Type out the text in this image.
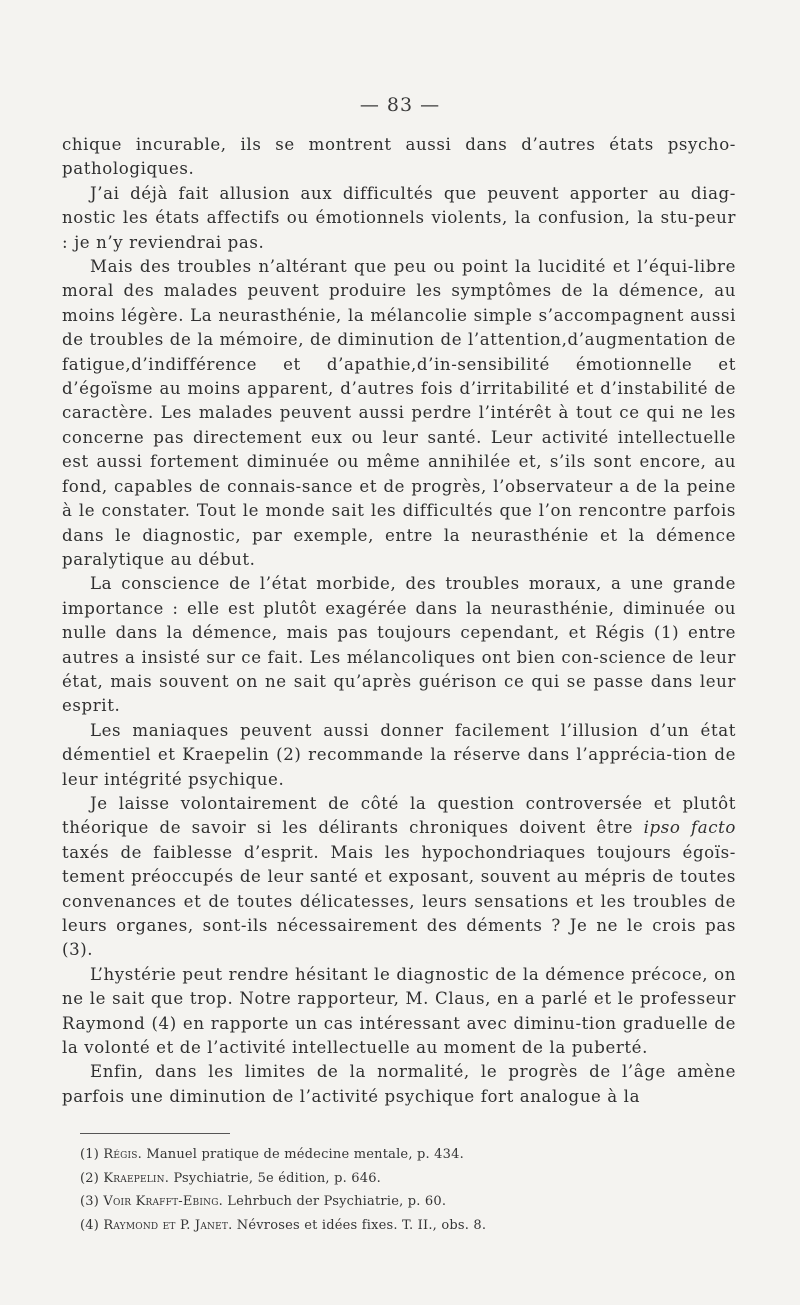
— 83 —

chique incurable, ils se montrent aussi dans d’autres états psycho-pathologiques.

J’ai déjà fait allusion aux difficultés que peuvent apporter au diag-nostic les états affectifs ou émotionnels violents, la confusion, la stu-peur : je n’y reviendrai pas.

Mais des troubles n’altérant que peu ou point la lucidité et l’équi-libre moral des malades peuvent produire les symptômes de la démence, au moins légère. La neurasthénie, la mélancolie simple s’accompagnent aussi de troubles de la mémoire, de diminution de l’attention,d’augmentation de fatigue,d’indifférence et d’apathie,d’in-sensibilité émotionnelle et d’égoïsme au moins apparent, d’autres fois d’irritabilité et d’instabilité de caractère. Les malades peuvent aussi perdre l’intérêt à tout ce qui ne les concerne pas directement eux ou leur santé. Leur activité intellectuelle est aussi fortement diminuée ou même annihilée et, s’ils sont encore, au fond, capables de connais-sance et de progrès, l’observateur a de la peine à le constater. Tout le monde sait les difficultés que l’on rencontre parfois dans le diagnostic, par exemple, entre la neurasthénie et la démence paralytique au début.

La conscience de l’état morbide, des troubles moraux, a une grande importance : elle est plutôt exagérée dans la neurasthénie, diminuée ou nulle dans la démence, mais pas toujours cependant, et Régis (1) entre autres a insisté sur ce fait. Les mélancoliques ont bien con-science de leur état, mais souvent on ne sait qu’après guérison ce qui se passe dans leur esprit.

Les maniaques peuvent aussi donner facilement l’illusion d’un état démentiel et Kraepelin (2) recommande la réserve dans l’apprécia-tion de leur intégrité psychique.

Je laisse volontairement de côté la question controversée et plutôt théorique de savoir si les délirants chroniques doivent être ipso facto taxés de faiblesse d’esprit. Mais les hypochondriaques toujours égoïs-tement préoccupés de leur santé et exposant, souvent au mépris de toutes convenances et de toutes délicatesses, leurs sensations et les troubles de leurs organes, sont-ils nécessairement des déments ? Je ne le crois pas (3).

L’hystérie peut rendre hésitant le diagnostic de la démence précoce, on ne le sait que trop. Notre rapporteur, M. Claus, en a parlé et le professeur Raymond (4) en rapporte un cas intéressant avec diminu-tion graduelle de la volonté et de l’activité intellectuelle au moment de la puberté.

Enfin, dans les limites de la normalité, le progrès de l’âge amène parfois une diminution de l’activité psychique fort analogue à la

(1) Régis. Manuel pratique de médecine mentale, p. 434.
(2) Kraepelin. Psychiatrie, 5e édition, p. 646.
(3) Voir Krafft-Ebing. Lehrbuch der Psychiatrie, p. 60.
(4) Raymond et P. Janet. Névroses et idées fixes. T. II., obs. 8.
